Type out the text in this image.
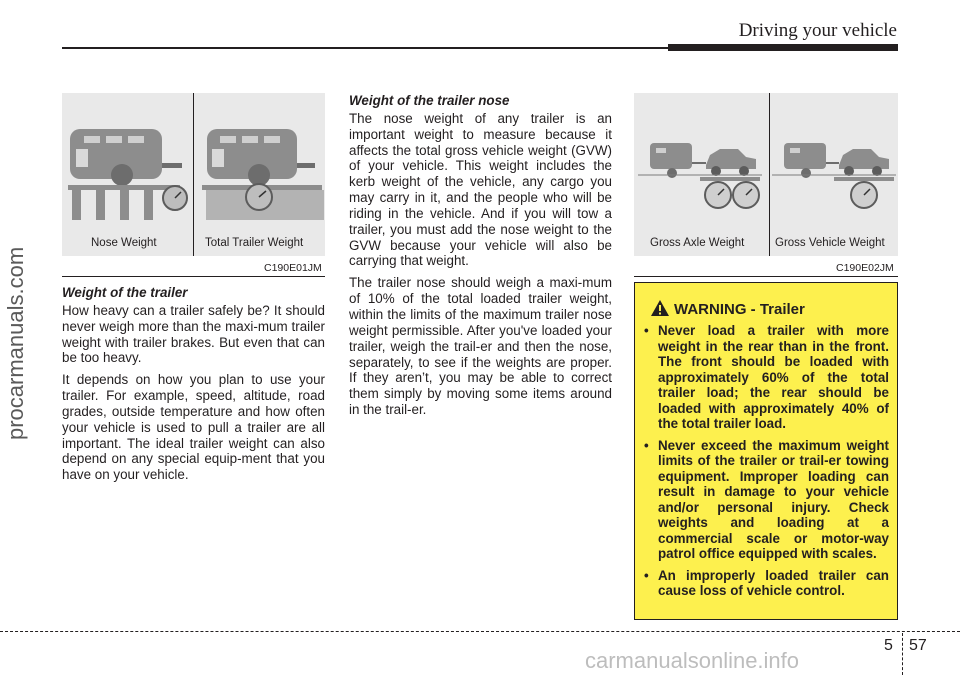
Driving your vehicle
procarmanuals.com
Nose Weight	Total Trailer Weight
C190E01JM
Gross Axle Weight	Gross Vehicle Weight
C190E02JM
Weight of the trailer

How heavy can a trailer safely be? It should never weigh more than the maxi-mum trailer weight with trailer brakes. But even that can be too heavy.

It depends on how you plan to use your trailer. For example, speed, altitude, road grades, outside temperature and how often your vehicle is used to pull a trailer are all important. The ideal trailer weight can also depend on any special equip-ment that you have on your vehicle.

Weight of the trailer nose

The nose weight of any trailer is an important weight to measure because it affects the total gross vehicle weight (GVW) of your vehicle. This weight includes the kerb weight of the vehicle, any cargo you may carry in it, and the people who will be riding in the vehicle. And if you will tow a trailer, you must add the nose weight to the GVW because your vehicle will also be carrying that weight.

The trailer nose should weigh a maxi-mum of 10% of the total loaded trailer weight, within the limits of the maximum trailer nose weight permissible. After you've loaded your trailer, weigh the trail-er and then the nose, separately, to see if the weights are proper. If they aren’t, you may be able to correct them simply by moving some items around in the trail-er.

WARNING - Trailer
• Never load a trailer with more weight in the rear than in the front. The front should be loaded with approximately 60% of the total trailer load; the rear should be loaded with approximately 40% of the total trailer load.
• Never exceed the maximum weight limits of the trailer or trail-er towing equipment. Improper loading can result in damage to your vehicle and/or personal injury. Check weights and loading at a commercial scale or motor-way patrol office equipped with scales.
• An improperly loaded trailer can cause loss of vehicle control.
5 57
carmanualsonline.info
